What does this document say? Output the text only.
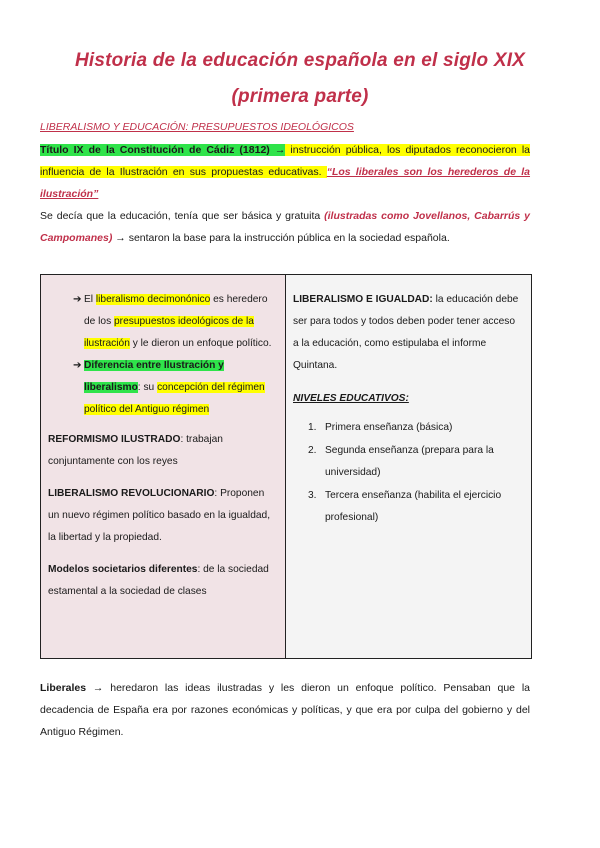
Historia de la educación española en el siglo XIX
(primera parte)
LIBERALISMO Y EDUCACIÓN: PRESUPUESTOS IDEOLÓGICOS
Título IX de la Constitución de Cádiz (1812) → instrucción pública, los diputados reconocieron la influencia de la Ilustración en sus propuestas educativas. “Los liberales son los herederos de la ilustración”
Se decía que la educación, tenía que ser básica y gratuita (ilustradas como Jovellanos, Cabarrús y Campomanes) → sentaron la base para la instrucción pública en la sociedad española.
➔ El liberalismo decimonónico es heredero de los presupuestos ideológicos de la ilustración y le dieron un enfoque político.
➔ Diferencia entre Ilustración y liberalismo: su concepción del régimen político del Antiguo régimen

REFORMISMO ILUSTRADO: trabajan conjuntamente con los reyes

LIBERALISMO REVOLUCIONARIO: Proponen un nuevo régimen político basado en la igualdad, la libertad y la propiedad.

Modelos societarios diferentes: de la sociedad estamental a la sociedad de clases

LIBERALISMO E IGUALDAD: la educación debe ser para todos y todos deben poder tener acceso a la educación, como estipulaba el informe Quintana.

NIVELES EDUCATIVOS:
1. Primera enseñanza (básica)
2. Segunda enseñanza (prepara para la universidad)
3. Tercera enseñanza (habilita el ejercicio profesional)
Liberales → heredaron las ideas ilustradas y les dieron un enfoque político. Pensaban que la decadencia de España era por razones económicas y políticas, y que era por culpa del gobierno y del Antiguo Régimen.
